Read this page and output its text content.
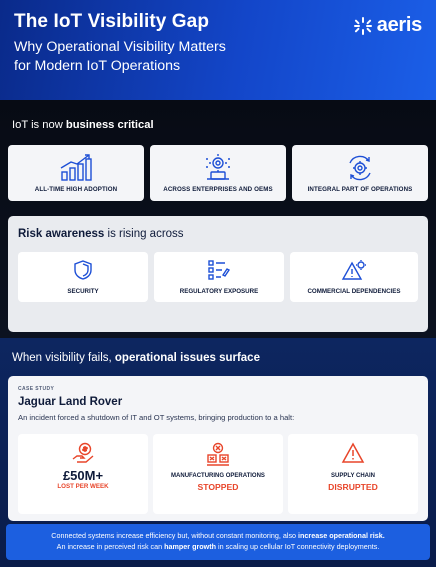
The IoT Visibility Gap
Why Operational Visibility Matters
for Modern IoT Operations
aeris
IoT is now business critical
ALL-TIME HIGH ADOPTION	ACROSS ENTERPRISES AND OEMS	INTEGRAL PART OF OPERATIONS
Risk awareness is rising across
SECURITY	REGULATORY EXPOSURE	COMMERCIAL DEPENDENCIES
When visibility fails, operational issues surface
CASE STUDY
Jaguar Land Rover
An incident forced a shutdown of IT and OT systems, bringing production to a halt:
£50M+
LOST PER WEEK
MANUFACTURING OPERATIONS
STOPPED
SUPPLY CHAIN
DISRUPTED
Connected systems increase efficiency but, without constant monitoring, also increase operational risk.
An increase in perceived risk can hamper growth in scaling up cellular IoT connectivity deployments.
